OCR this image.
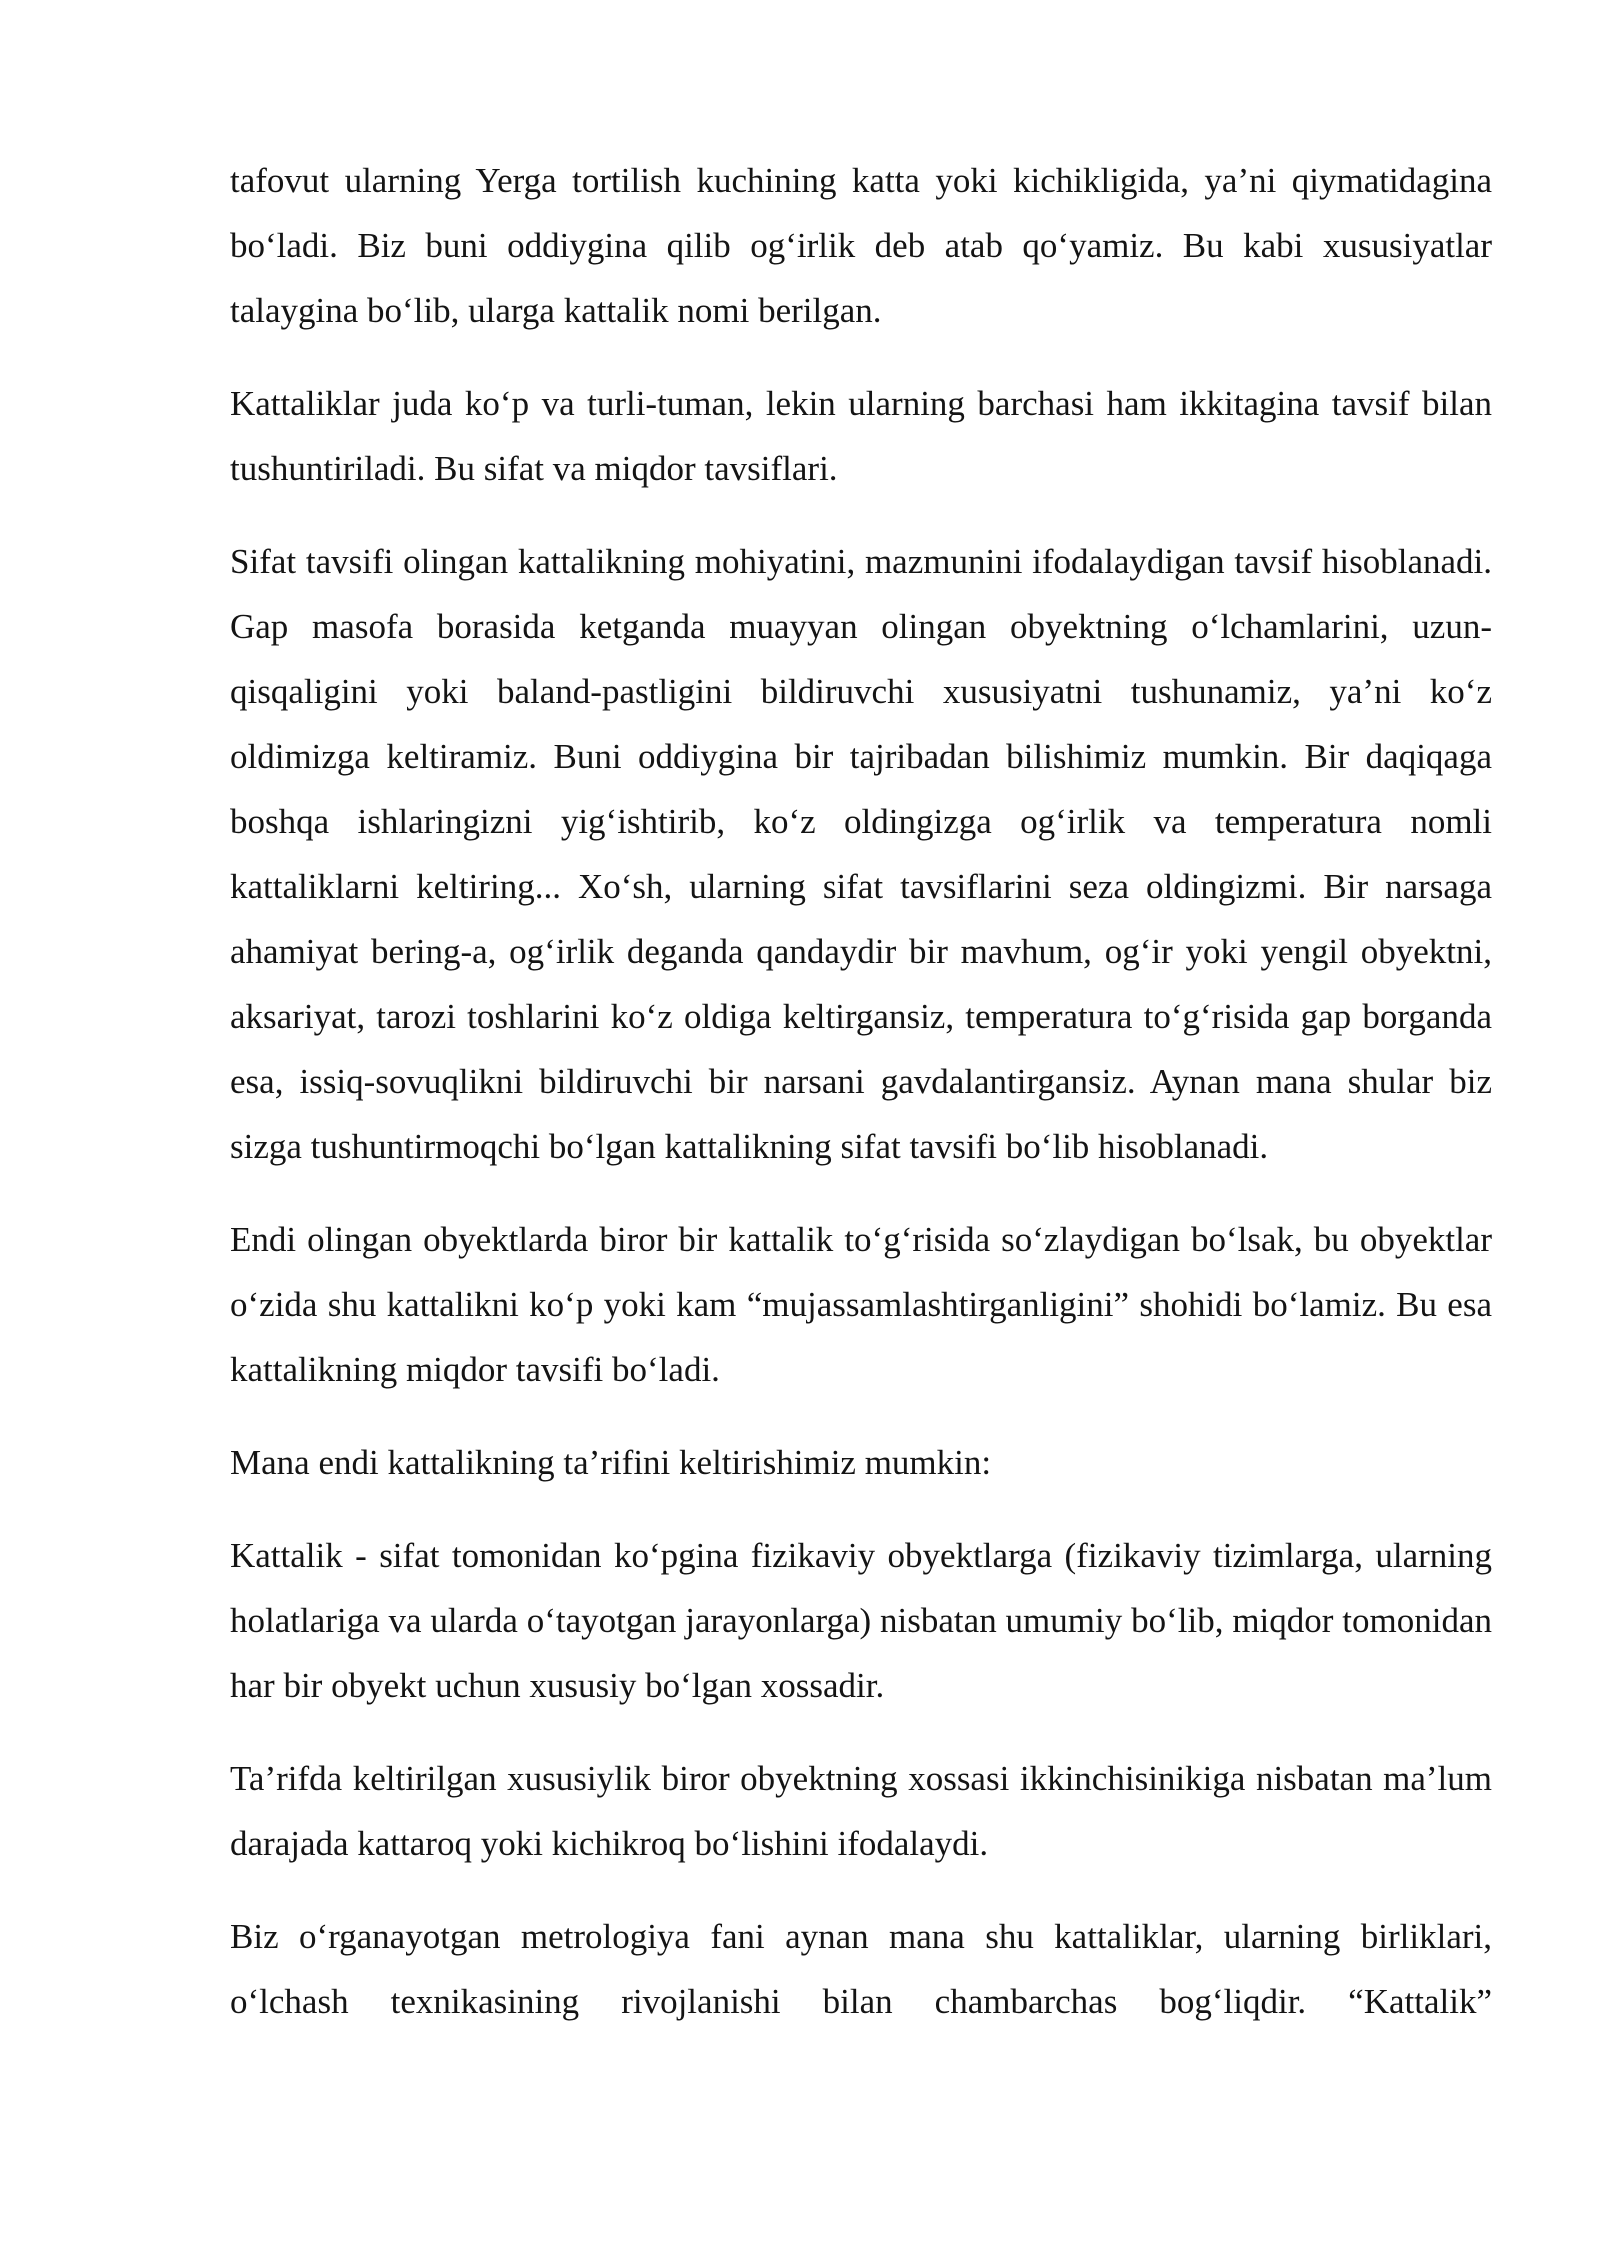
tafovut ularning Yerga tortilish kuchining katta yoki kichikligida, ya’ni qiymatidagina bo‘ladi. Biz buni oddiygina qilib og‘irlik deb atab qo‘yamiz. Bu kabi xususiyatlar talaygina bo‘lib, ularga kattalik nomi berilgan.

Kattaliklar juda ko‘p va turli-tuman, lekin ularning barchasi ham ikkitagina tavsif bilan tushuntiriladi. Bu sifat va miqdor tavsiflari.

Sifat tavsifi olingan kattalikning mohiyatini, mazmunini ifodalaydigan tavsif hisoblanadi. Gap masofa borasida ketganda muayyan olingan obyektning o‘lchamlarini, uzun-qisqaligini yoki baland-pastligini bildiruvchi xususiyatni tushunamiz, ya’ni ko‘z oldimizga keltiramiz. Buni oddiygina bir tajribadan bilishimiz mumkin. Bir daqiqaga boshqa ishlaringizni yig‘ishtirib, ko‘z oldingizga og‘irlik va temperatura nomli kattaliklarni keltiring... Xo‘sh, ularning sifat tavsiflarini seza oldingizmi. Bir narsaga ahamiyat bering-a, og‘irlik deganda qandaydir bir mavhum, og‘ir yoki yengil obyektni, aksariyat, tarozi toshlarini ko‘z oldiga keltirgansiz, temperatura to‘g‘risida gap borganda esa, issiq-sovuqlikni bildiruvchi bir narsani gavdalantirgansiz. Aynan mana shular biz sizga tushuntirmoqchi bo‘lgan kattalikning sifat tavsifi bo‘lib hisoblanadi.

Endi olingan obyektlarda biror bir kattalik to‘g‘risida so‘zlaydigan bo‘lsak, bu obyektlar o‘zida shu kattalikni ko‘p yoki kam “mujassamlashtirganligini” shohidi bo‘lamiz. Bu esa kattalikning miqdor tavsifi bo‘ladi.

Mana endi kattalikning ta’rifini keltirishimiz mumkin:

Kattalik - sifat tomonidan ko‘pgina fizikaviy obyektlarga (fizikaviy tizimlarga, ularning holatlariga va ularda o‘tayotgan jarayonlarga) nisbatan umumiy bo‘lib, miqdor tomonidan har bir obyekt uchun xususiy bo‘lgan xossadir.

Ta’rifda keltirilgan xususiylik biror obyektning xossasi ikkinchisinikiga nisbatan ma’lum darajada kattaroq yoki kichikroq bo‘lishini ifodalaydi.

Biz o‘rganayotgan metrologiya fani aynan mana shu kattaliklar, ularning birliklari, o‘lchash texnikasining rivojlanishi bilan chambarchas bog‘liqdir. “Kattalik”
